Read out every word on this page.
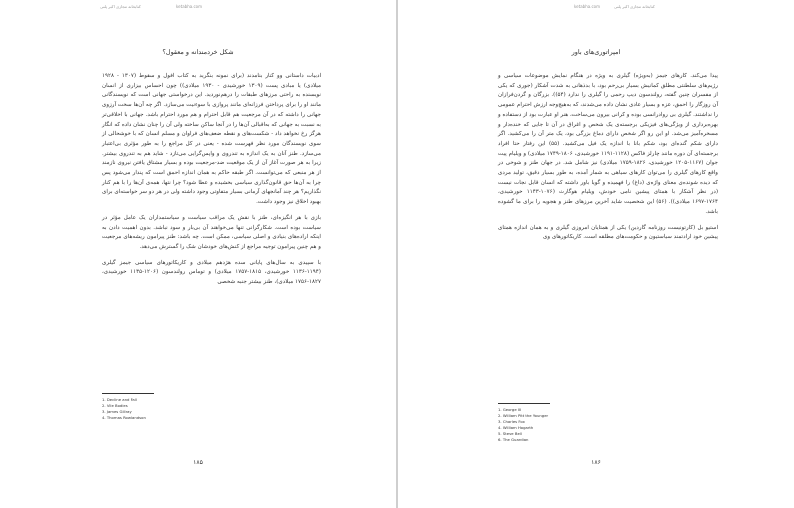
کتابخانه مجازی اکبر پلنی	ketabha.com
شکل خردمندانه و معقول؟

ادبیات داستانی وو کنار بنامدند (برای نمونه بنگرید به کتاب افول و سقوط (۱۳۰۷ - ۱۹۲۸ میلادی) یا مبادی پست (۱۳۰۹ خورشیدی - ۱۹۳۰ میلادی)) چون احساس بیزاری از انسان نویسنده به راحتی مرزهای طبقات را درهم‌نوردید. این درخواستی جهانی است که نویسندگانی مانند او را برای پرداختن فرزانه‌ای مانند پروازی با سوءنیت می‌سازد. اگر چه آن‌ها سخت آرزوی جهانی را داشته که در آن مرجعیت هم قابل احترام و هم مورد احترام باشد. جهانی با اخلاقی‌تر به نسبت به جهانی که به‌اقبالی آن‌ها را در آنجا ساکن ساخته ولی آن را چنان نشان داده که انگار هرگز رخ نخواهد داد - شکست‌های و نقطه ضعف‌های فراوان و مسلم انسان که با خوشحالی از سوی نویسندگان مورد نظر فهرست شده - یعنی در کل مراجع را به طور مؤثری بی‌اعتبار می‌سازد. طنز آنان به یک اندازه به تندروی و واپس‌گرایی می‌تازد - شاید هم به تندروی بیشتر. زیرا به هر صورت آغاز آن از یک موقعیت ضد-مرجعیت بوده و بسیار مشتاق یافتن نیروی نازمند از هر منبعی که می‌توانست. اگر طبقه حاکم به همان اندازه احمق است که پندار می‌شود پس چرا به آن‌ها حق قانون‌گذاری سیاسی بخشیده و عطا شود؟ چرا نتها، همه‌ی آن‌ها را با هم کنار نگذاریم؟ هر چند آمانجهای آرمانی بسیار متفاوتی وجود داشته ولی در هر دو سر خواسته‌ای برای بهبود اخلاق نیز وجود داشت.

بازی با هر انگیزه‌ای، طنز با نقش یک مراقب سیاست و سیاستمداران یک عامل مؤثر در سیاست بوده است. شکارگرانی تنها می‌خواهند آن بی‌بار و سود نباشد. بدون اهمیت دادن به اینکه اراده‌های بنیادی و اصلی سیاسی، ممکن است. چه باشد: طنز پیرامون ریشه‌های مرجعیت و هم چنین پیرامون توجیه مراجع از کنش‌های خودشان شک را گسترش می‌دهد.

با سپیدی به سال‌های پایانی سده هژدهم میلادی و کاریکاتورهای سیاسی جیمز گیلری (۱۱۹۴-۱۱۳۶ خورشیدی، ۱۸۱۵-۱۷۵۷ میلادی) و توماس رولندسون (۱۲۰۶-۱۱۳۵ خورشیدی، ۱۸۲۷-۱۷۵۶ میلادی)، طنز بیشتر جنبه شخصی

1. Decline and Fall
2. Vile Bodies
3. James Gillray
4. Thomas Rowlandson
۱۸۵
ketabha.com	کتابخانه مجازی اکبر پلنی
امپراتوری‌های باور

پیدا می‌کند. کارهای جیمز (به‌ویژه) گیلری به ویژه در هنگام نمایش موضوعات سیاسی و رژیم‌های سلطنتی مطلق کمانیش بسیار بی‌رحم بود، با بدذهانی به شدت آشکار (جوری که یکی از مفسران چنین گفته، رولندسون دیپ رحمی را گیلری را ندارد (۵۴)). بزرگان و گردن‌فرازان آن روزگار را احمق، عزه و بسیار عادی نشان داده می‌شدند، که به‌هیچ‌وجه ارزش احترام عمومی را نداشتند. گیلری بی روادرانسی بوده و کرانی بیرون می‌ساخت، هنر او عبارت بود از دستفاده و بهره‌برداری از ویژگی‌های فیزیکی برجسته‌ی یک شخص و اغراق در آن تا جایی که خنده‌دار و مسخره‌آمیز می‌شد. او این رو اگر شخص دارای دماغ بزرگی بود، یک متر آن را می‌کشید. اگر دارای شکم گنده‌ای بود، شکم بانا با اندازه یک فیل می‌کشید. (۵۵) این رفتار حتا افراد برجسته‌ای آن دوره مانند چارلز فاکس (۱۱۲۸-۱۱۹۱ خورشیدی، ۱۸۰۶-۱۷۴۹ میلادی) و ویلیام پیت جوان (۱۱۶۷-۱۲۰۵ خورشیدی، ۱۸۲۶-۱۷۵۹ میلادی) نیز شامل شد. در جهان طنز و شوخی در واقع کارهای گیلری را می‌توان کارهای سیاهی به شمار آمده، به طور بسیار دقیق، تولید مردی که دیده شونده‌ی معنای واژه‌ی (داغ) را فهمیده و گویا باور داشته که انسان قابل نجات نیست (در نظر آشکار با همتای پیشین نامی خودش، ویلیام هوگارث (۱۰۷۶-۱۱۴۳ خورشیدی، ۱۷۶۴-۱۶۹۷ میلادی)). (۵۶) این شخصیت شاید آخرین مرزهای طنز و هجویه را برای ما گشوده باشد.

استیو بل (کارتونیست روزنامه گاردین) یکی از همتایان امروزی گیلری و به همان اندازه همتای پیشین خود ارادتمند سیاستیون و حکومت‌های مطلقه است. کاریکاتورهای وی

1. George III
2. William Pitt the Younger
3. Charles Fox
4. William Hogarth
5. Steve Bell
6. The Guardian
۱۸۶
